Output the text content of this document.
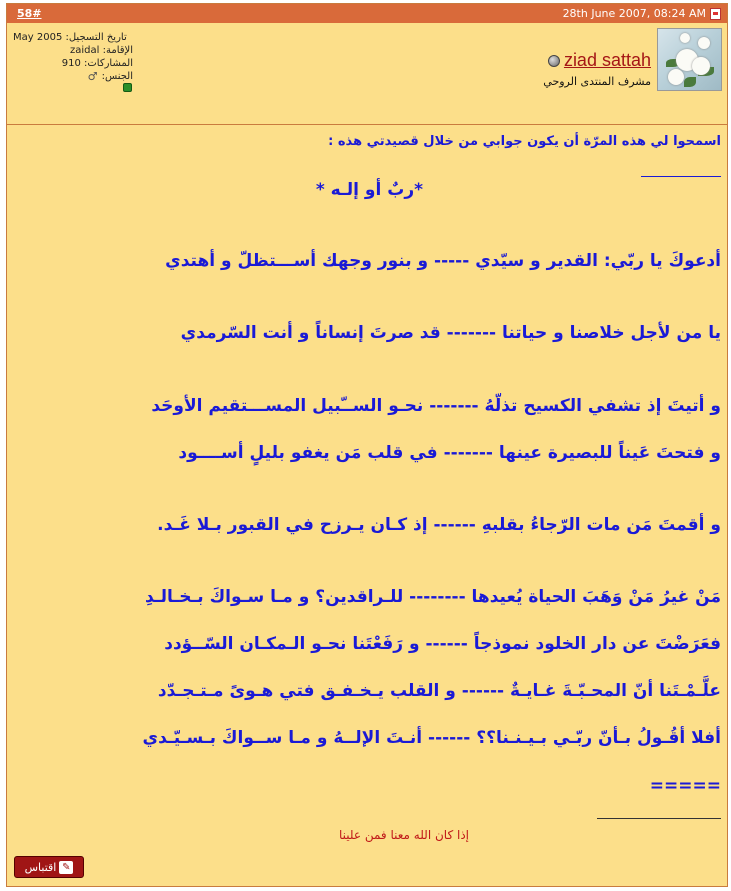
58#	28th June 2007, 08:24 AM
تاريخ التسجيل: May 2005
الإقامة: zaidal
المشاركات: 910
♂ الجنس:
ziad sattah
مشرف المنتدى الروحي
اسمحوا لي هذه المرّة أن يكون جوابي من خلال قصيدتي هذه :
*ربٌ أو إلـه *
أدعوكَ يا ربّي: القدير و سيّدي ----- و بنور وجهك أســـتظلّ و أهتدي
يا من لأجل خلاصنا و حياتنا ------- قد صرتَ إنساناً و أنت السّرمدي
و أتيتَ إذ تشفي الكسيح تذلّهُ ------- نحـو الســّبيل المســـتقيم الأوحَد
و فتحتَ عَيناً للبصيرة عينها ------- في قلب مَن يغفو بليلٍ أســــود
و أقمتَ مَن مات الرّجاءُ بقلبهِ ------ إذ كـان يـرزح في القبور بـلا غَـد.
مَنْ غيرُ مَنْ وَهَبَ الحياة يُعيدها -------- للـراقدين؟ و مـا سـواكَ بـخـالـدِ
فعَرَضْتَ عن دار الخلود نموذجاً ------ و رَفَعْتَنا نحـو الـمكـان السّــؤدد
علَّـمْـتَنا أنّ المحـبّـةَ غـايـةٌ ------ و القلب يـخـفـق فتي هـوىً مـتـجـدّد
أفلا أقُـولُ بـأنّ ربّـي بـيـنـنا؟؟ ------ أنـتَ الإلــهُ و مـا ســواكَ بـسـيّـدي
=====
إذا كان الله معنا فمن علينا
اقتباس ✎
